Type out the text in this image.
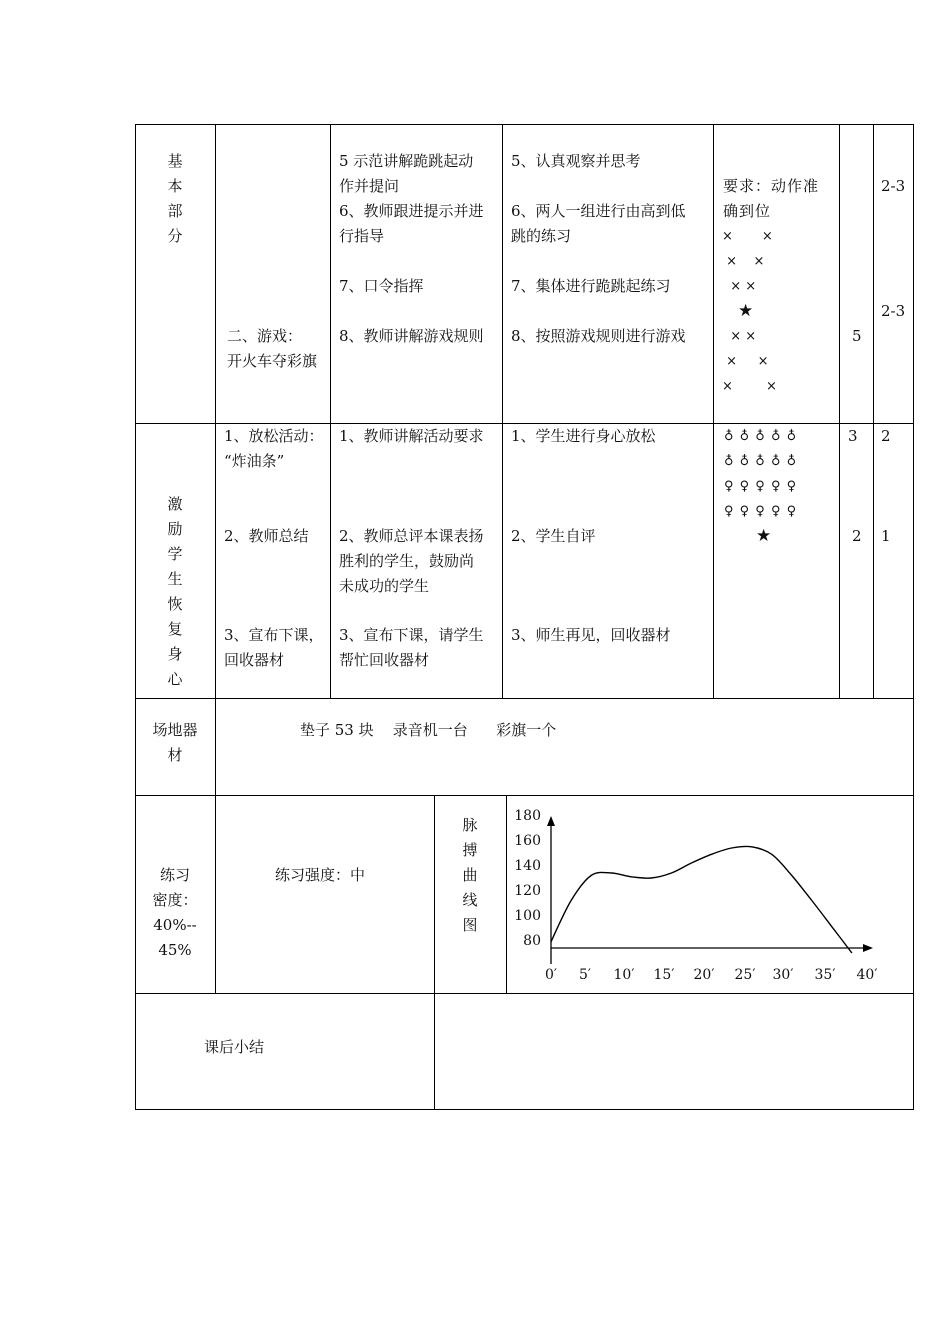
基
本
部
分
二、游戏：
开火车夺彩旗
5 示范讲解跪跳起动
作并提问
6、教师跟进提示并进
行指导

7、口令指挥

8、教师讲解游戏规则
5、认真观察并思考

6、两人一组进行由高到低
跳的练习

7、集体进行跪跳起练习

8、按照游戏规则进行游戏
要求：动作准
确到位
×       ×
×    ×
× ×
★
× ×
×     ×
×        ×
5
2-3
2-3
激
励
学
生
恢
复
身
心
1、放松活动：
“炸油条”
1、教师讲解活动要求 1、学生进行身心放松	3 2
2、教师总结 2、教师总评本课表扬
胜利的学生，鼓励尚
未成功的学生
2、学生自评	2 1
3、宣布下课，
回收器材
3、宣布下课，请学生
帮忙回收器材
3、师生再见，回收器材
♁ ♁ ♁ ♁ ♁
♁ ♁ ♁ ♁ ♁
♀ ♀ ♀ ♀ ♀
♀ ♀ ♀ ♀ ♀
★
场地器
材
垫子 53 块    录音机一台      彩旗一个
练习
密度：
40%--
45%
练习强度：中
脉
搏
曲
线
图
180
160
140
120
100
80
0′ 5′ 10′ 15′ 20′ 25′ 30′ 35′ 40′
课后小结
